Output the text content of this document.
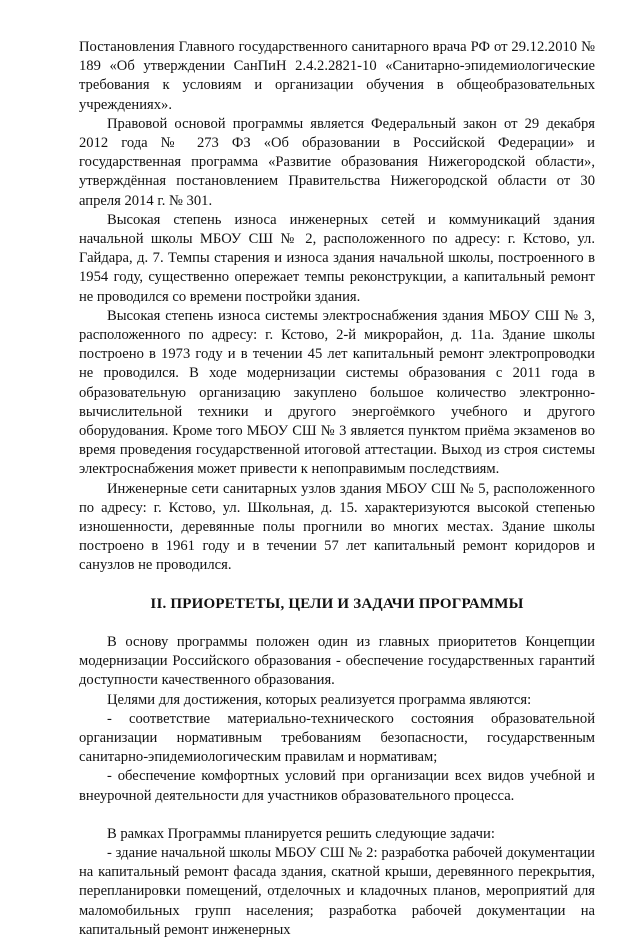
Постановления Главного государственного санитарного врача РФ от 29.12.2010 № 189 «Об утверждении СанПиН 2.4.2.2821-10 «Санитарно-эпидемиологические требования к условиям и организации обучения в общеобразовательных учреждениях».

Правовой основой программы является Федеральный закон от 29 декабря 2012 года № 273 ФЗ «Об образовании в Российской Федерации» и государственная программа «Развитие образования Нижегородской области», утверждённая постановлением Правительства Нижегородской области от 30 апреля 2014 г. № 301.

Высокая степень износа инженерных сетей и коммуникаций здания начальной школы МБОУ СШ № 2, расположенного по адресу: г. Кстово, ул. Гайдара, д. 7. Темпы старения и износа здания начальной школы, построенного в 1954 году, существенно опережает темпы реконструкции, а капитальный ремонт не проводился со времени постройки здания.

Высокая степень износа системы электроснабжения здания МБОУ СШ № 3, расположенного по адресу: г. Кстово, 2-й микрорайон, д. 11а. Здание школы построено в 1973 году и в течении 45 лет капитальный ремонт электропроводки не проводился. В ходе модернизации системы образования с 2011 года в образовательную организацию закуплено большое количество электронно-вычислительной техники и другого энергоёмкого учебного и другого оборудования. Кроме того МБОУ СШ № 3 является пунктом приёма экзаменов во время проведения государственной итоговой аттестации. Выход из строя системы электроснабжения может привести к непоправимым последствиям.

Инженерные сети санитарных узлов здания МБОУ СШ № 5, расположенного по адресу: г. Кстово, ул. Школьная, д. 15. характеризуются высокой степенью изношенности, деревянные полы прогнили во многих местах. Здание школы построено в 1961 году и в течении 57 лет капитальный ремонт коридоров и санузлов не проводился.

II. ПРИОРЕТЕТЫ, ЦЕЛИ И ЗАДАЧИ ПРОГРАММЫ

В основу программы положен один из главных приоритетов Концепции модернизации Российского образования - обеспечение государственных гарантий доступности качественного образования.

Целями для достижения, которых реализуется программа являются:

- соответствие материально-технического состояния образовательной организации нормативным требованиям безопасности, государственным санитарно-эпидемиологическим правилам и нормативам;

- обеспечение комфортных условий при организации всех видов учебной и внеурочной деятельности для участников образовательного процесса.

В рамках Программы планируется решить следующие задачи:

- здание начальной школы МБОУ СШ № 2: разработка рабочей документации на капитальный ремонт фасада здания, скатной крыши, деревянного перекрытия, перепланировки помещений, отделочных и кладочных планов, мероприятий для маломобильных групп населения; разработка рабочей документации на капитальный ремонт инженерных
